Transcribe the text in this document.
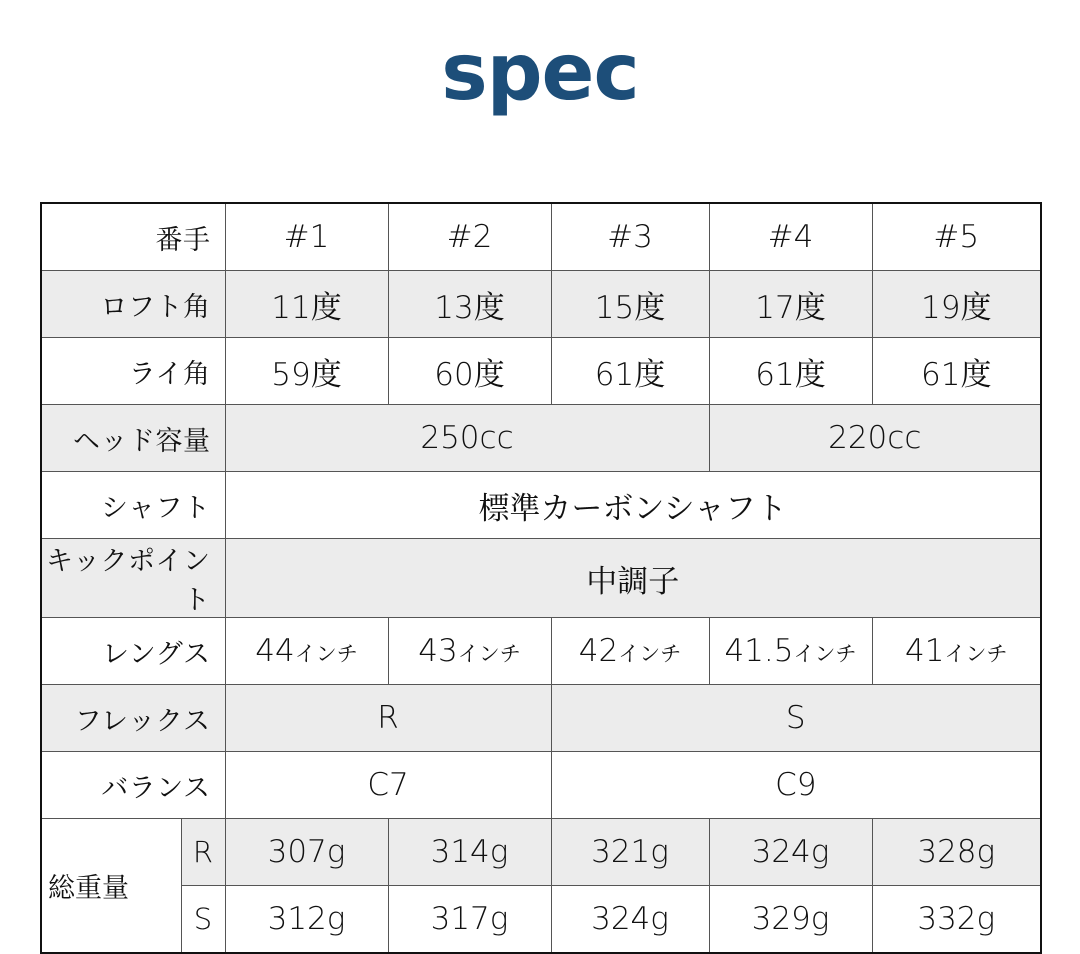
spec
番手		#1	#2	#3	#4	#5
ロフト角		11度	13度	15度	17度	19度
ライ角		59度	60度	61度	61度	61度
ヘッド容量		250cc			220cc	
シャフト		標準カーボンシャフト				
キックポイント		中調子				
レングス		44インチ	43インチ	42インチ	41.5インチ	41インチ
フレックス		R		S		
バランス		C7		C9		
総重量	R	307g	314g	321g	324g	328g
	S	312g	317g	324g	329g	332g
